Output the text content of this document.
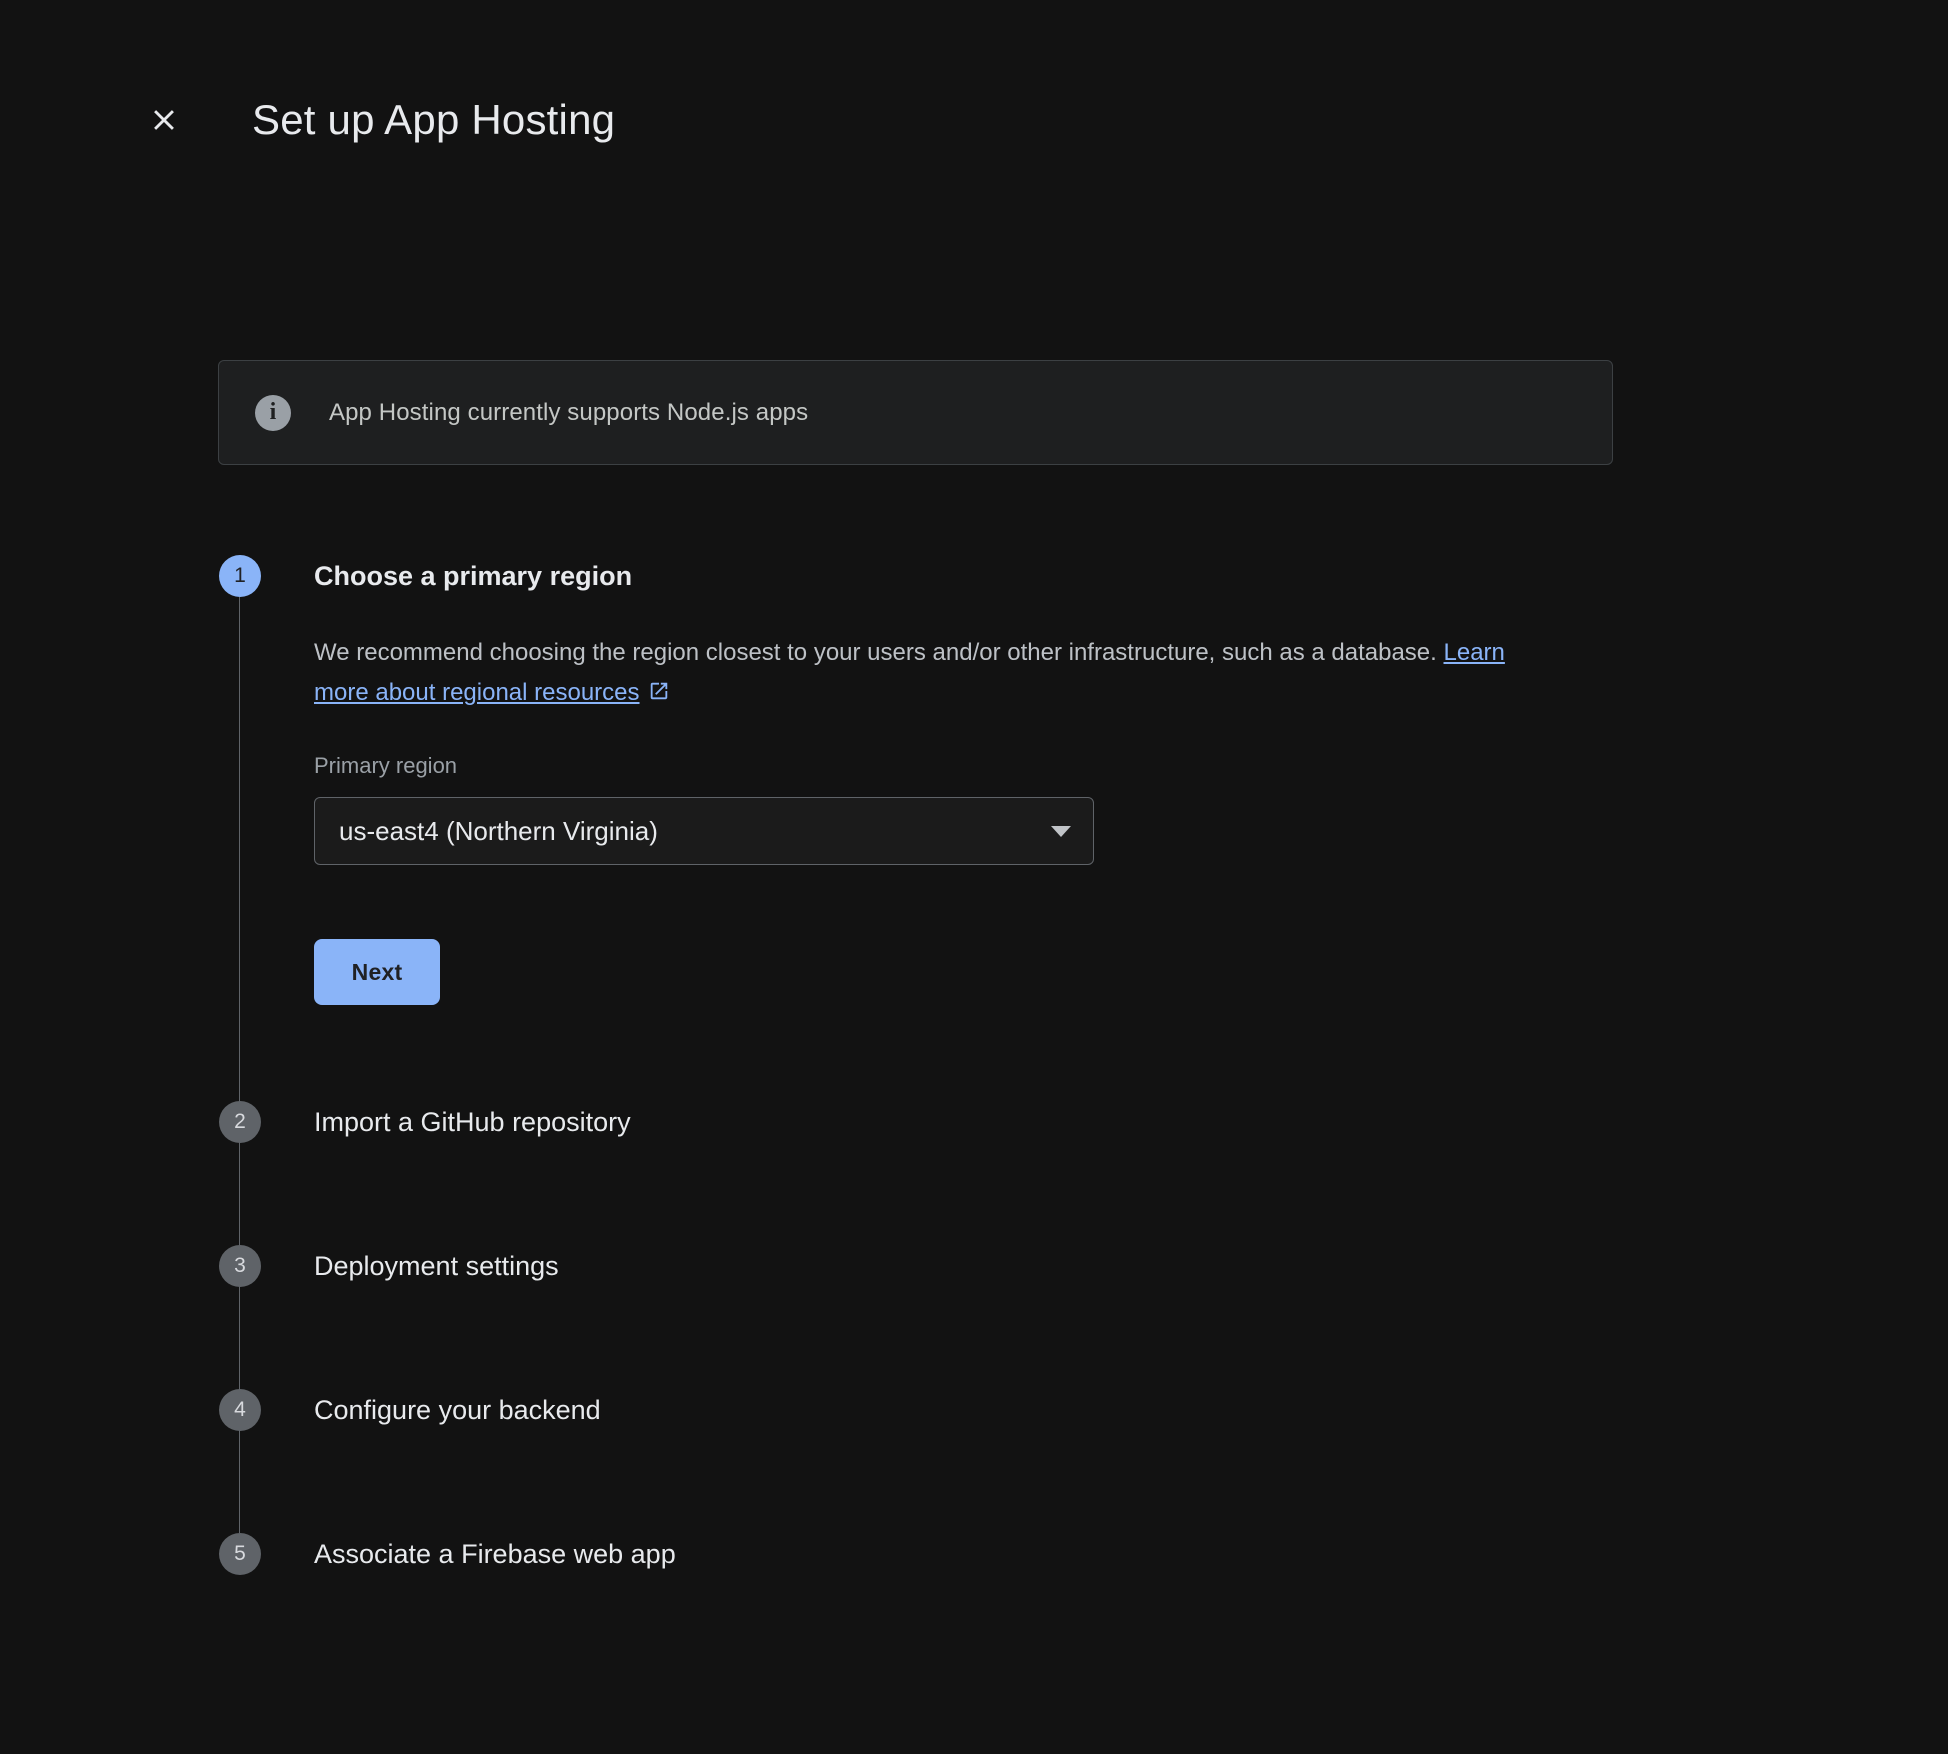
Set up App Hosting
i	App Hosting currently supports Node.js apps
1	Choose a primary region
We recommend choosing the region closest to your users and/or other infrastructure, such as a database. Learn more about regional resources
Primary region
us-east4 (Northern Virginia)
Next
2	Import a GitHub repository
3	Deployment settings
4	Configure your backend
5	Associate a Firebase web app
